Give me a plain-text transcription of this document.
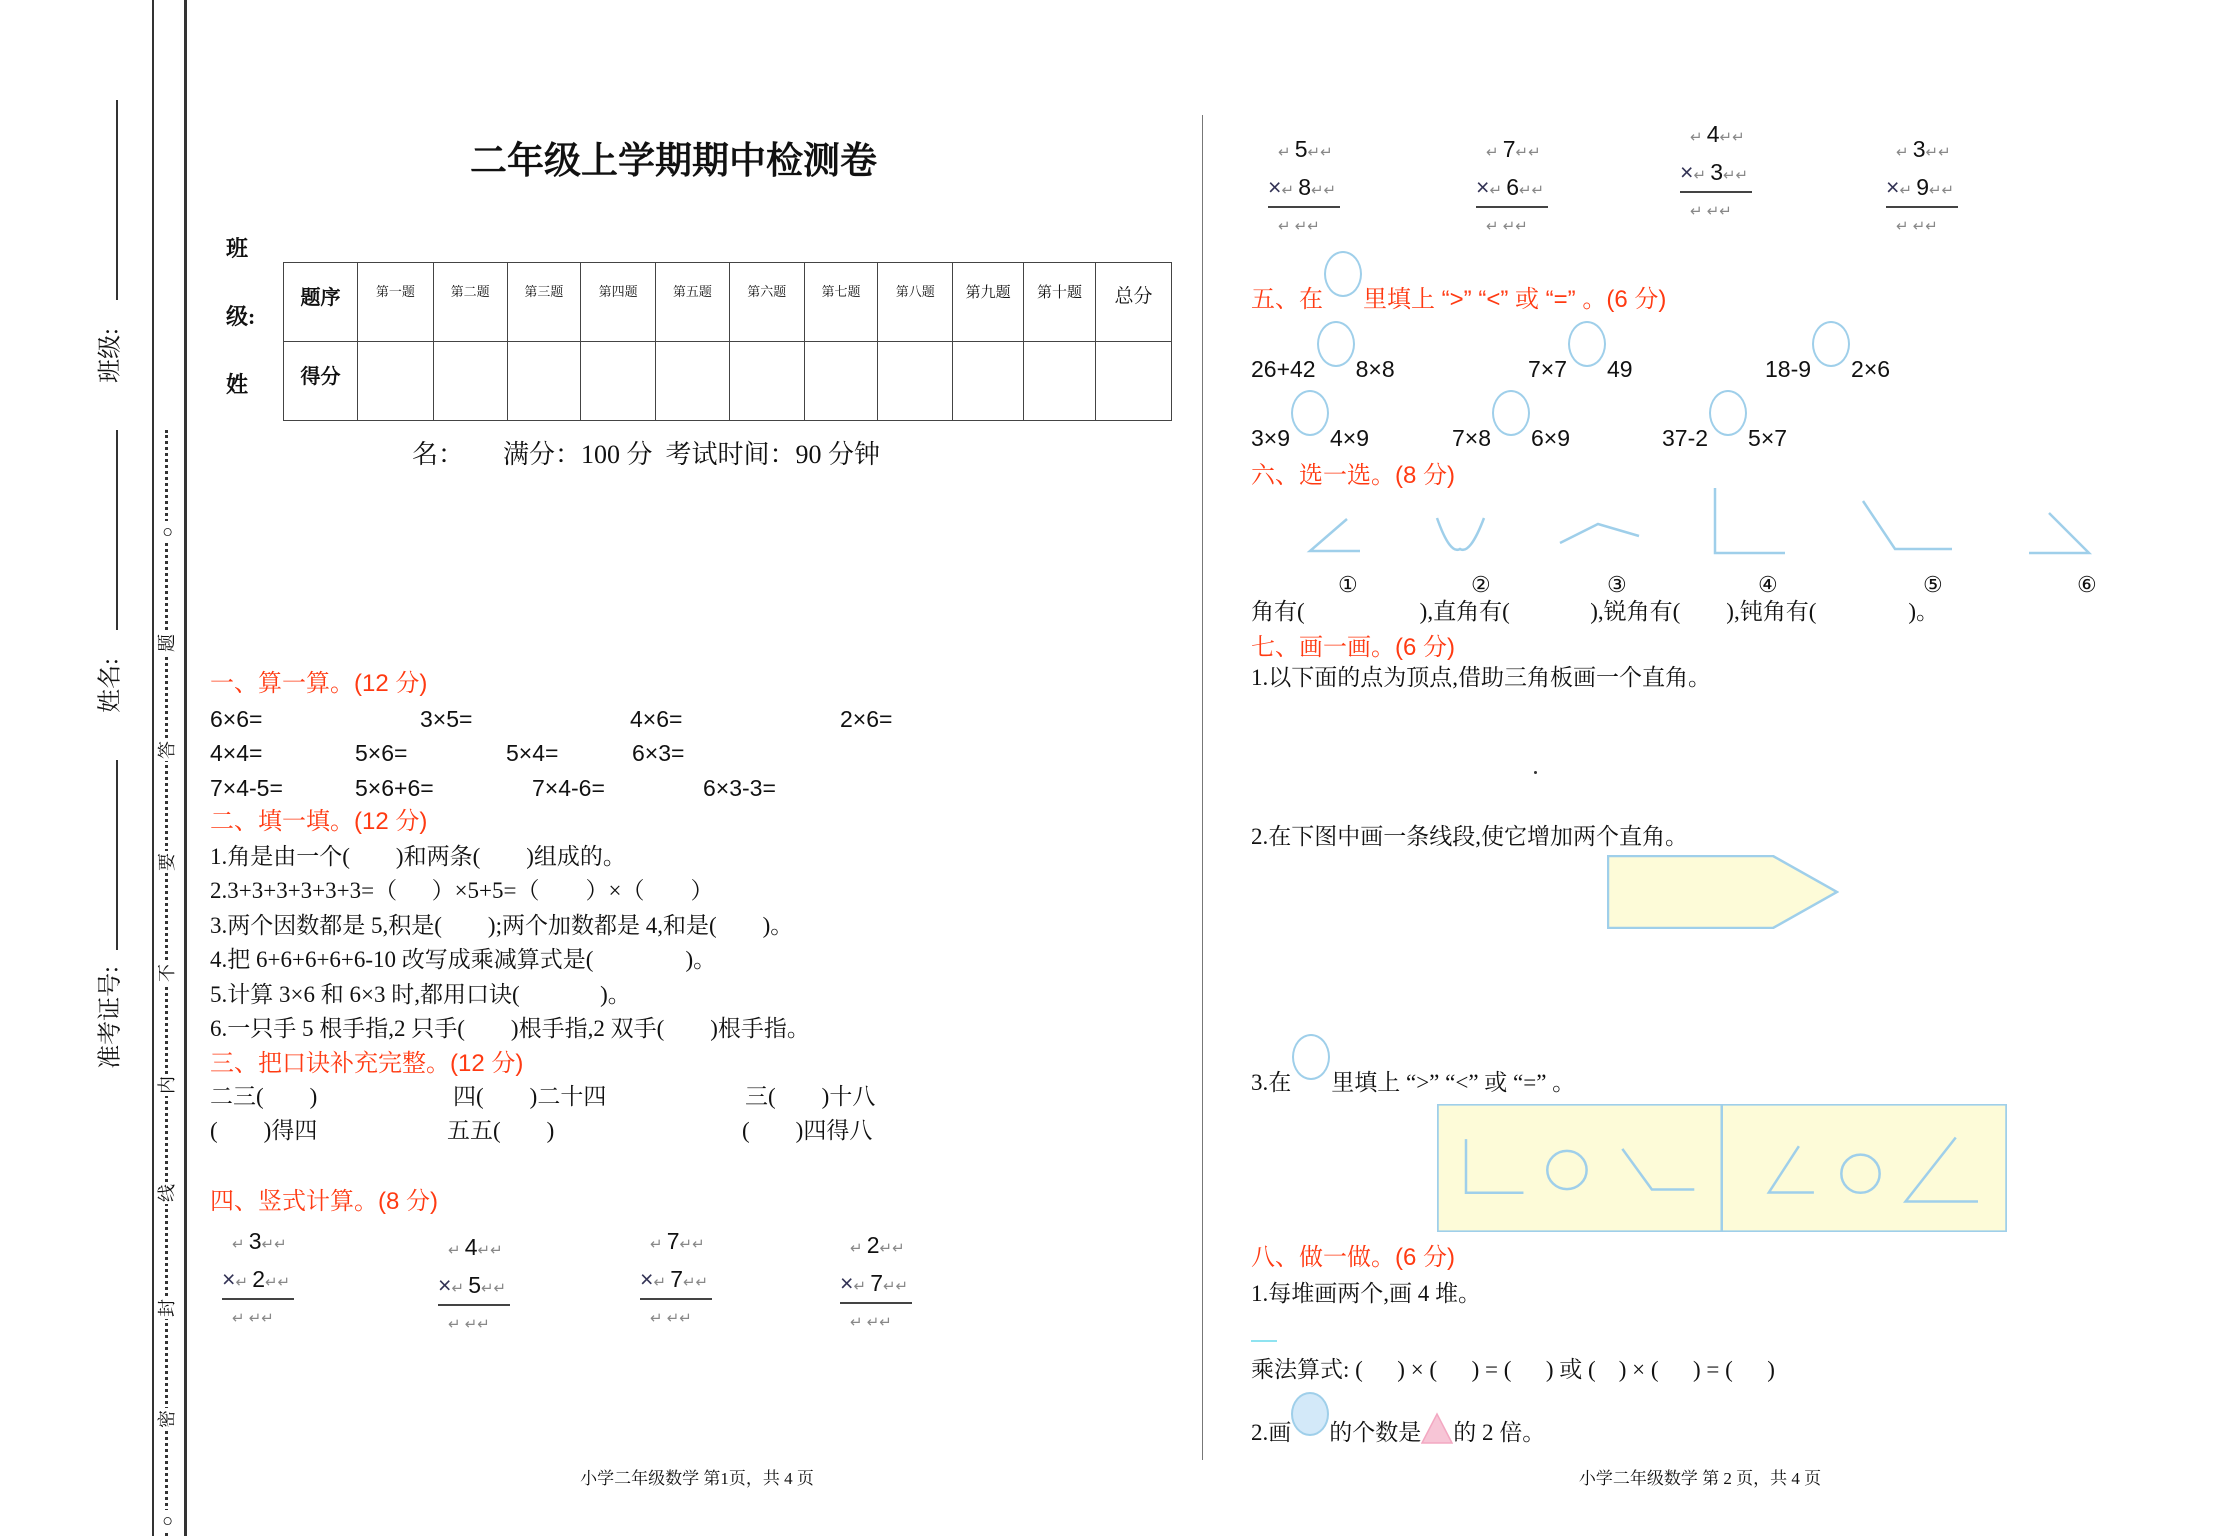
○
题
答
要
不
内
线
封
密
○
班级:
姓名:
准考证号:
二年级上学期期中检测卷
班
级:
姓
题序	第一题	第二题	第三题	第四题	第五题	第六题	第七题	第八题	第九题	第十题	总分
得分											
名：      满分：100 分  考试时间：90 分钟
一、算一算。(12 分)
6×6=	3×5=	4×6=	2×6=
4×4=	5×6=	5×4=	6×3=
7×4-5=	5×6+6=	7×4-6=	6×3-3=
二、填一填。(12 分)
1.角是由一个(        )和两条(        )组成的。
2.3+3+3+3+3+3=（      ）×5+5=（        ）×（        ）
3.两个因数都是 5,积是(        );两个加数都是 4,和是(        )。
4.把 6+6+6+6+6-10 改写成乘减算式是(                )。
5.计算 3×6 和 6×3 时,都用口诀(              )。
6.一只手 5 根手指,2 只手(        )根手指,2 双手(        )根手指。
三、把口诀补充完整。(12 分)
二三(        )	四(        )二十四	三(        )十八
(        )得四	五五(        )	(        )四得八
四、竖式计算。(8 分)
↵ 3↵↵
×↵ 2↵↵
↵ ↵↵
↵ 4↵↵
×↵ 5↵↵
↵ ↵↵
↵ 7↵↵
×↵ 7↵↵
↵ ↵↵
↵ 2↵↵
×↵ 7↵↵
↵ ↵↵
小学二年级数学 第1页，共 4 页
↵ 5↵↵
×↵ 8↵↵
↵ ↵↵
↵ 7↵↵
×↵ 6↵↵
↵ ↵↵
↵ 4↵↵
×↵ 3↵↵
↵ ↵↵
↵ 3↵↵
×↵ 9↵↵
↵ ↵↵
五、在 里填上 “>” “<” 或 “=” 。(6 分)
26+42 8×8	7×7 49	18-9 2×6
3×9 4×9	7×8 6×9	37-2 5×7
六、选一选。(8 分)
①	②	③	④	⑤	⑥
角有(                    ),直角有(              ),锐角有(        ),钝角有(                )。
七、画一画。(6 分)
1.以下面的点为顶点,借助三角板画一个直角。
2.在下图中画一条线段,使它增加两个直角。
3.在 里填上 “>” “<” 或 “=” 。
八、做一做。(6 分)
1.每堆画两个,画 4 堆。
乘法算式: (      ) × (      ) = (      ) 或 (    ) × (      ) = (      )
2.画 的个数是 的 2 倍。
小学二年级数学 第 2 页，共 4 页
